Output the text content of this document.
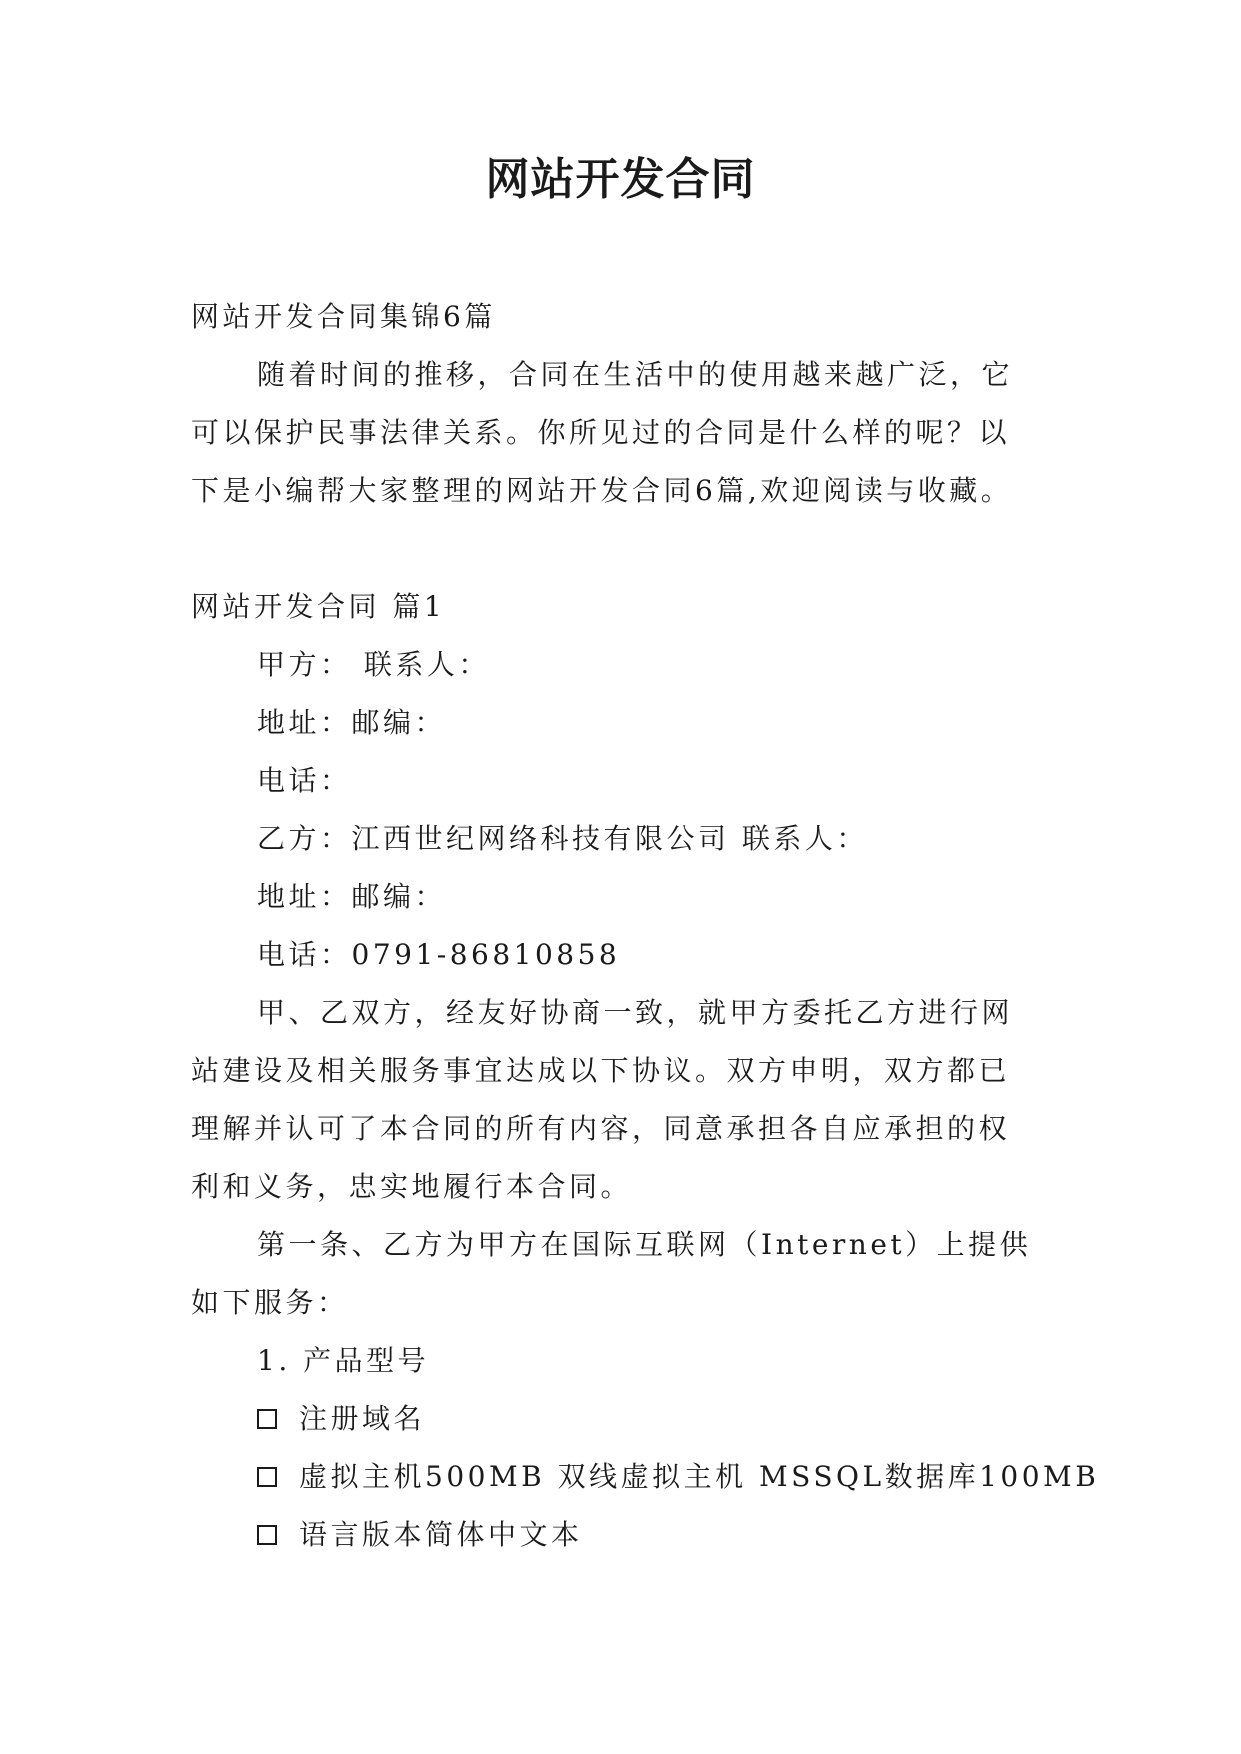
网站开发合同

网站开发合同集锦6篇

随着时间的推移，合同在生活中的使用越来越广泛，它

可以保护民事法律关系。你所见过的合同是什么样的呢？以

下是小编帮大家整理的网站开发合同6篇,欢迎阅读与收藏。

网站开发合同 篇1

甲方： 联系人：

地址：邮编：

电话：

乙方：江西世纪网络科技有限公司 联系人：

地址：邮编：

电话：0791-86810858

甲、乙双方，经友好协商一致，就甲方委托乙方进行网

站建设及相关服务事宜达成以下协议。双方申明，双方都已

理解并认可了本合同的所有内容，同意承担各自应承担的权

利和义务，忠实地履行本合同。

第一条、乙方为甲方在国际互联网（Internet）上提供

如下服务：

1. 产品型号

注册域名

虚拟主机500MB 双线虚拟主机 MSSQL数据库100MB

语言版本简体中文本
